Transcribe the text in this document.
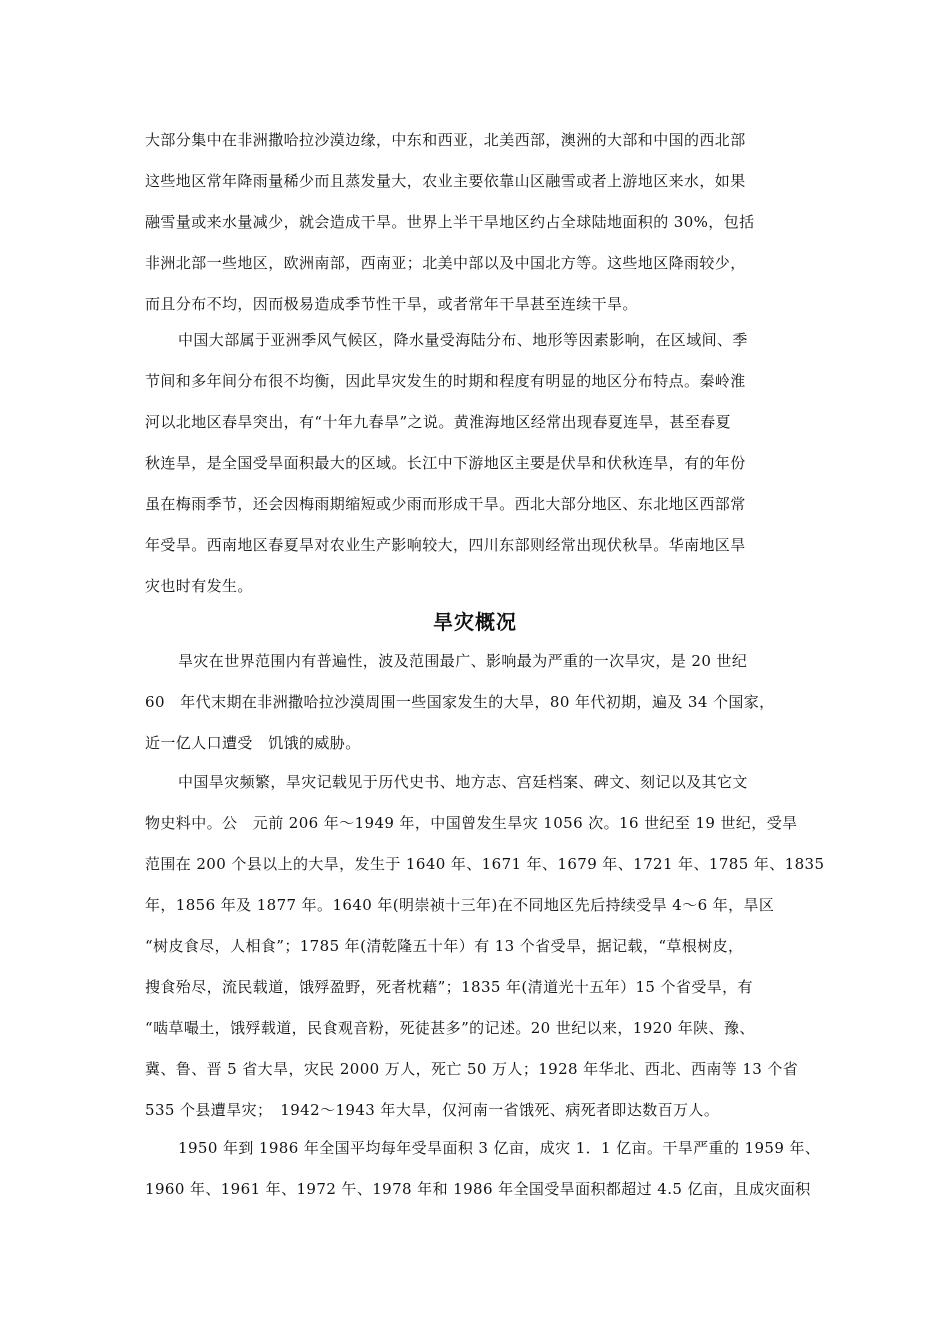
大部分集中在非洲撒哈拉沙漠边缘，中东和西亚，北美西部，澳洲的大部和中国的西北部
这些地区常年降雨量稀少而且蒸发量大，农业主要依靠山区融雪或者上游地区来水，如果
融雪量或来水量减少，就会造成干旱。世界上半干旱地区约占全球陆地面积的 30%，包括
非洲北部一些地区，欧洲南部，西南亚；北美中部以及中国北方等。这些地区降雨较少，
而且分布不均，因而极易造成季节性干旱，或者常年干旱甚至连续干旱。
中国大部属于亚洲季风气候区，降水量受海陆分布、地形等因素影响，在区域间、季
节间和多年间分布很不均衡，因此旱灾发生的时期和程度有明显的地区分布特点。秦岭淮
河以北地区春旱突出，有“十年九春旱”之说。黄淮海地区经常出现春夏连旱，甚至春夏
秋连旱，是全国受旱面积最大的区域。长江中下游地区主要是伏旱和伏秋连旱，有的年份
虽在梅雨季节，还会因梅雨期缩短或少雨而形成干旱。西北大部分地区、东北地区西部常
年受旱。西南地区春夏旱对农业生产影响较大，四川东部则经常出现伏秋旱。华南地区旱
灾也时有发生。
旱灾概况
旱灾在世界范围内有普遍性，波及范围最广、影响最为严重的一次旱灾，是 20 世纪
60　年代末期在非洲撒哈拉沙漠周围一些国家发生的大旱，80 年代初期，遍及 34 个国家，
近一亿人口遭受　饥饿的威胁。
中国旱灾频繁，旱灾记载见于历代史书、地方志、宫廷档案、碑文、刻记以及其它文
物史料中。公　元前 206 年～1949 年，中国曾发生旱灾 1056 次。16 世纪至 19 世纪，受旱
范围在 200 个县以上的大旱，发生于 1640 年、1671 年、1679 年、1721 年、1785 年、1835
年，1856 年及 1877 年。1640 年(明崇祯十三年)在不同地区先后持续受旱 4～6 年，旱区
“树皮食尽，人相食”；1785 年(清乾隆五十年）有 13 个省受旱，据记载，“草根树皮，
搜食殆尽，流民载道，饿殍盈野，死者枕藉”；1835 年(清道光十五年）15 个省受旱，有
“啮草嘬土，饿殍载道，民食观音粉，死徒甚多”的记述。20 世纪以来，1920 年陕、豫、
冀、鲁、晋 5 省大旱，灾民 2000 万人，死亡 50 万人；1928 年华北、西北、西南等 13 个省
535 个县遭旱灾；　1942～1943 年大旱，仅河南一省饿死、病死者即达数百万人。
1950 年到 1986 年全国平均每年受旱面积 3 亿亩，成灾 1．1 亿亩。干旱严重的 1959 年、
1960 年、1961 年、1972 午、1978 年和 1986 年全国受旱面积都超过 4.5 亿亩，且成灾面积
